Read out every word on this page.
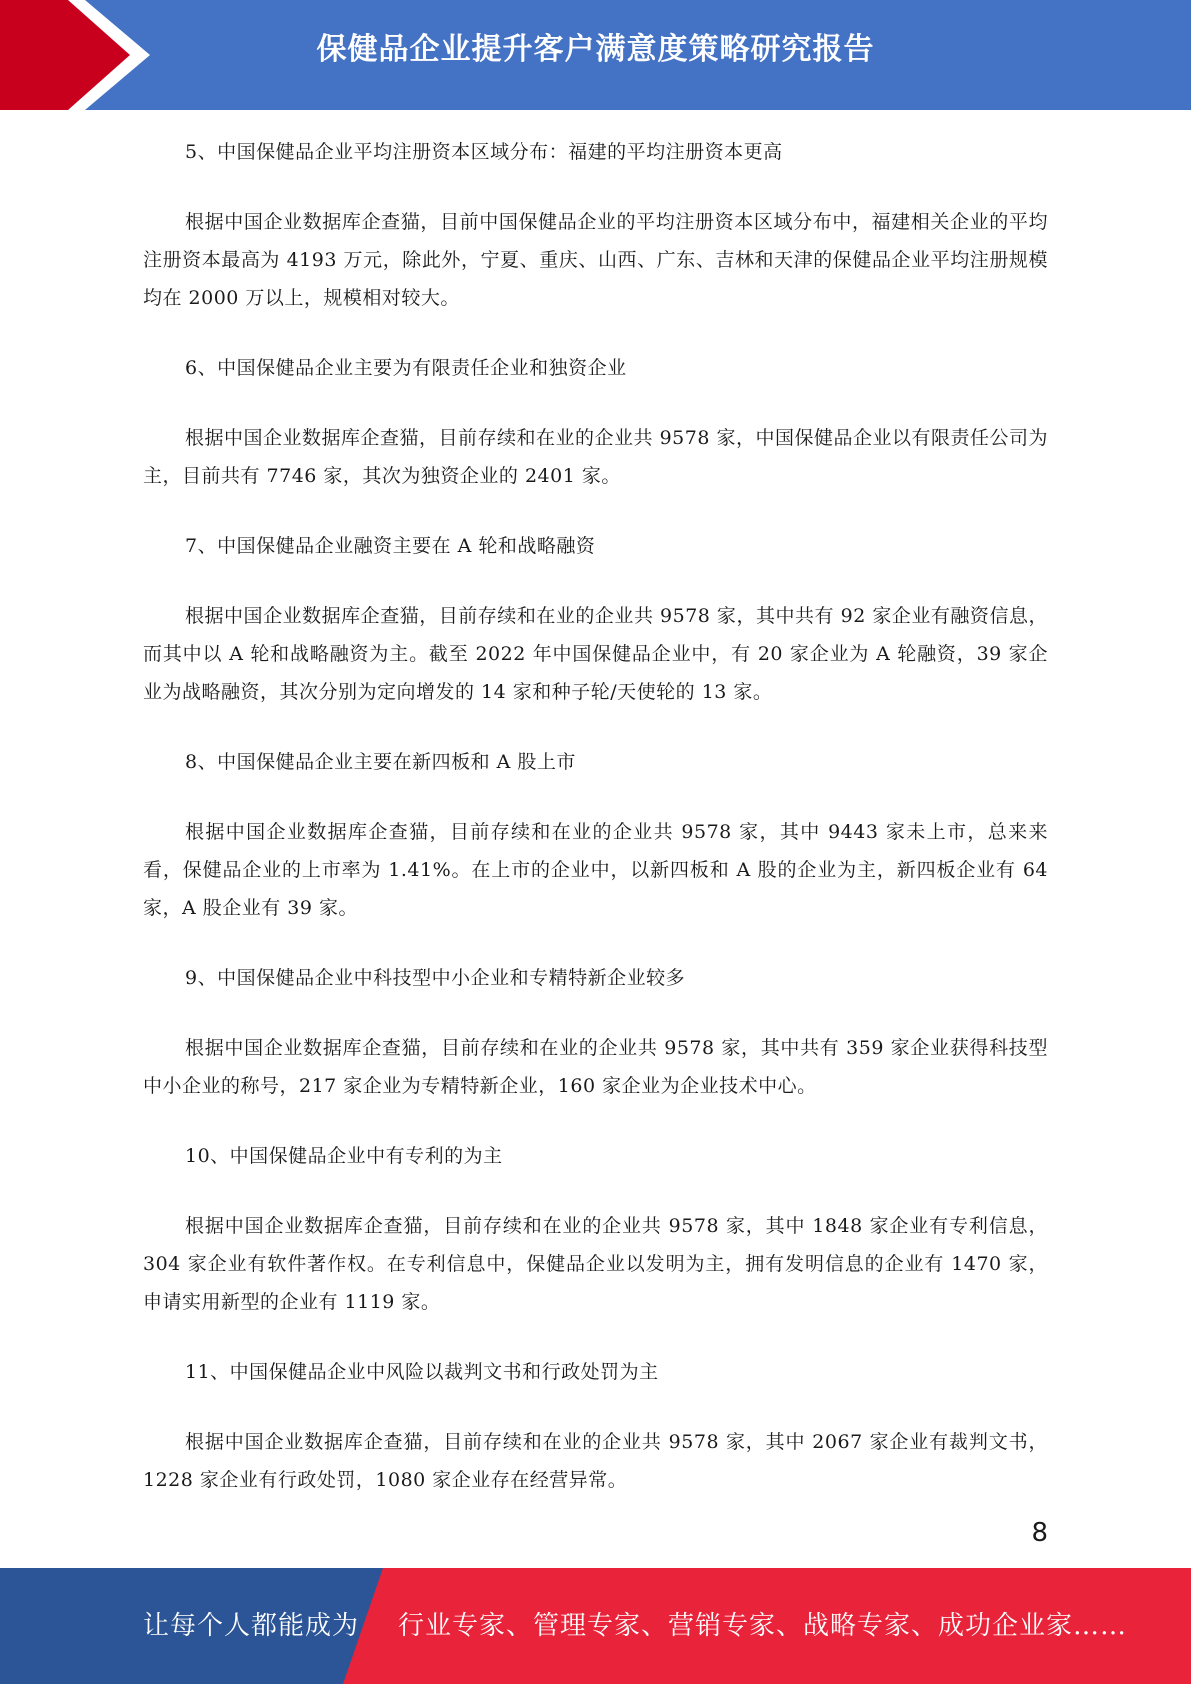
保健品企业提升客户满意度策略研究报告

5、中国保健品企业平均注册资本区域分布：福建的平均注册资本更高

根据中国企业数据库企查猫，目前中国保健品企业的平均注册资本区域分布中，福建相关企业的平均注册资本最高为 4193 万元，除此外，宁夏、重庆、山西、广东、吉林和天津的保健品企业平均注册规模均在 2000 万以上，规模相对较大。

6、中国保健品企业主要为有限责任企业和独资企业

根据中国企业数据库企查猫，目前存续和在业的企业共 9578 家，中国保健品企业以有限责任公司为主，目前共有 7746 家，其次为独资企业的 2401 家。

7、中国保健品企业融资主要在 A 轮和战略融资

根据中国企业数据库企查猫，目前存续和在业的企业共 9578 家，其中共有 92 家企业有融资信息，而其中以 A 轮和战略融资为主。截至 2022 年中国保健品企业中，有 20 家企业为 A 轮融资，39 家企业为战略融资，其次分别为定向增发的 14 家和种子轮/天使轮的 13 家。

8、中国保健品企业主要在新四板和 A 股上市

根据中国企业数据库企查猫，目前存续和在业的企业共 9578 家，其中 9443 家未上市，总来来看，保健品企业的上市率为 1.41%。在上市的企业中，以新四板和 A 股的企业为主，新四板企业有 64 家，A 股企业有 39 家。

9、中国保健品企业中科技型中小企业和专精特新企业较多

根据中国企业数据库企查猫，目前存续和在业的企业共 9578 家，其中共有 359 家企业获得科技型中小企业的称号，217 家企业为专精特新企业，160 家企业为企业技术中心。

10、中国保健品企业中有专利的为主

根据中国企业数据库企查猫，目前存续和在业的企业共 9578 家，其中 1848 家企业有专利信息，304 家企业有软件著作权。在专利信息中，保健品企业以发明为主，拥有发明信息的企业有 1470 家，申请实用新型的企业有 1119 家。

11、中国保健品企业中风险以裁判文书和行政处罚为主

根据中国企业数据库企查猫，目前存续和在业的企业共 9578 家，其中 2067 家企业有裁判文书，1228 家企业有行政处罚，1080 家企业存在经营异常。

8
让每个人都能成为 行业专家、管理专家、营销专家、战略专家、成功企业家……
